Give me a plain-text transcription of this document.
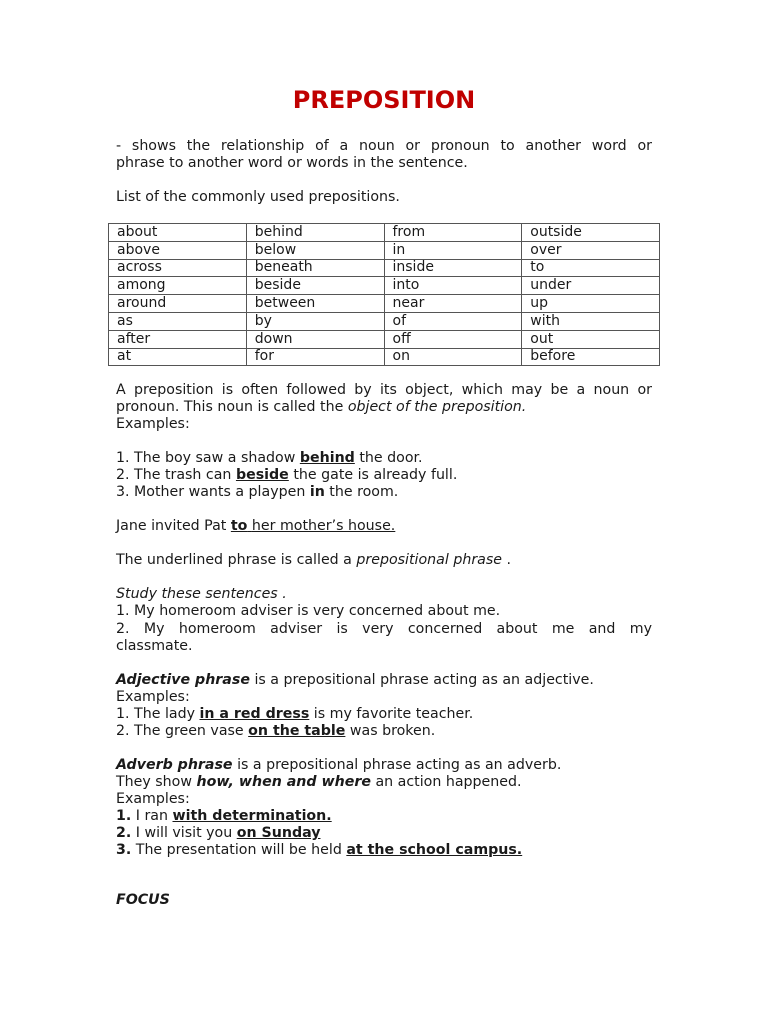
PREPOSITION
- shows the relationship of a noun or pronoun to another word or
phrase to another word or words in the sentence.
List of the commonly used prepositions.
about	behind	from	outside
above	below	in	over
across	beneath	inside	to
among	beside	into	under
around	between	near	up
as	by	of	with
after	down	off	out
at	for	on	before
A preposition is often followed by its object, which may be a noun or
pronoun. This noun is called the object of the preposition.
Examples:
1. The boy saw a shadow behind the door.
2. The trash can beside the gate is already full.
3. Mother wants a playpen in the room.
Jane invited Pat to her mother’s house.
The underlined phrase is called a prepositional phrase .
Study these sentences .
1. My homeroom adviser is very concerned about me.
2. My homeroom adviser is very concerned about me and my
classmate.
Adjective phrase is a prepositional phrase acting as an adjective.
Examples:
1. The lady in a red dress is my favorite teacher.
2. The green vase on the table was broken.
Adverb phrase is a prepositional phrase acting as an adverb.
They show how, when and where an action happened.
Examples:
1. I ran with determination.
2. I will visit you on Sunday
3. The presentation will be held at the school campus.
FOCUS
